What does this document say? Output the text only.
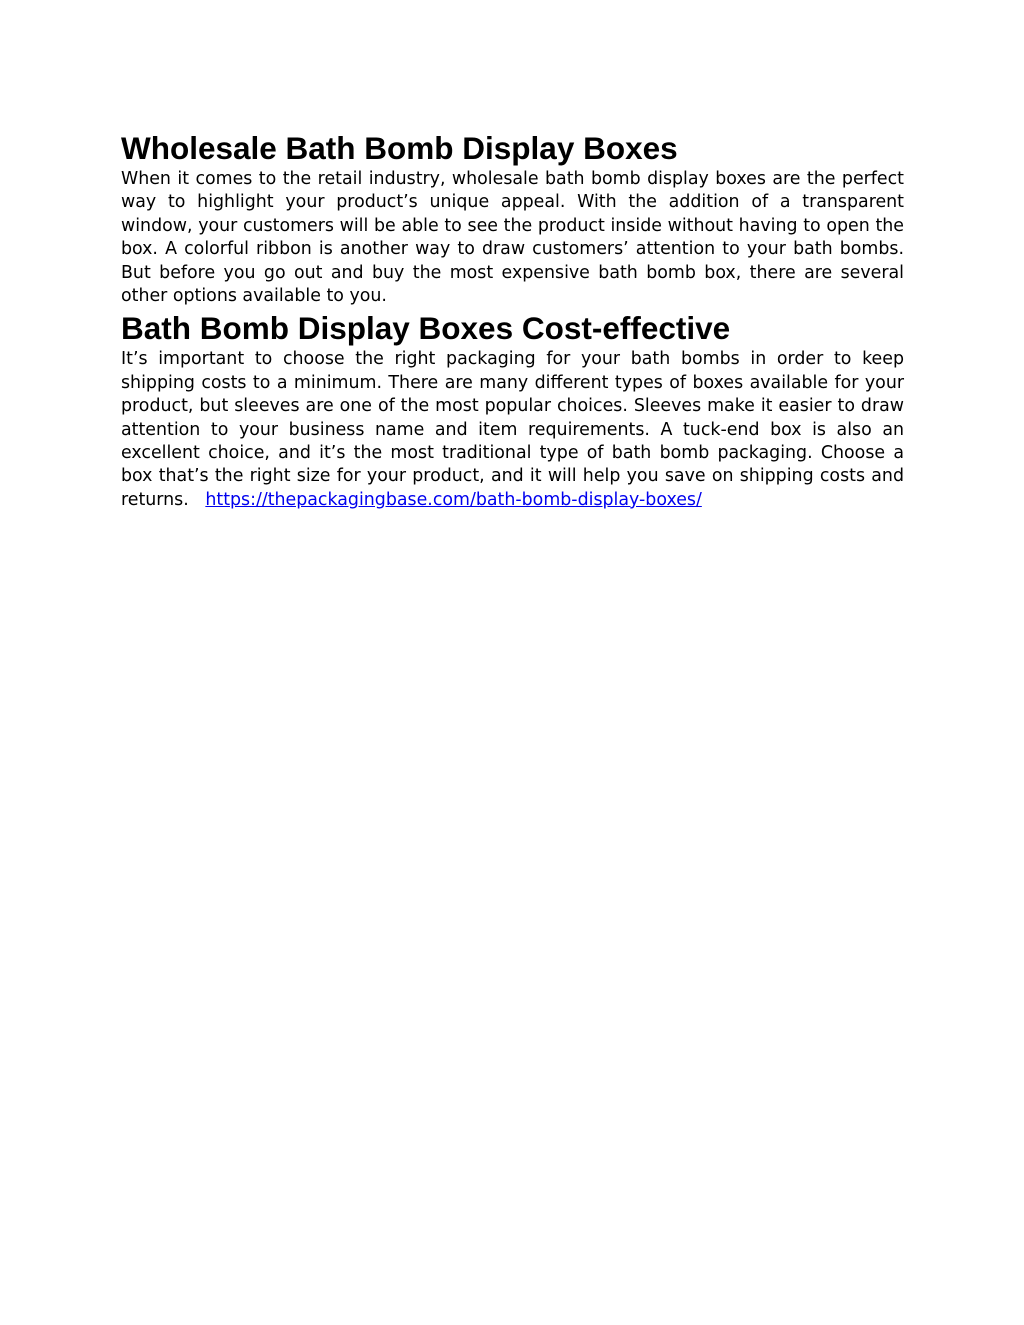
Wholesale Bath Bomb Display Boxes

When it comes to the retail industry, wholesale bath bomb display boxes are the perfect way to highlight your product’s unique appeal. With the addition of a transparent window, your customers will be able to see the product inside without having to open the box. A colorful ribbon is another way to draw customers’ attention to your bath bombs. But before you go out and buy the most expensive bath bomb box, there are several other options available to you.

Bath Bomb Display Boxes Cost-effective

It’s important to choose the right packaging for your bath bombs in order to keep shipping costs to a minimum. There are many different types of boxes available for your product, but sleeves are one of the most popular choices. Sleeves make it easier to draw attention to your business name and item requirements. A tuck-end box is also an excellent choice, and it’s the most traditional type of bath bomb packaging. Choose a box that’s the right size for your product, and it will help you save on shipping costs and returns. https://thepackagingbase.com/bath-bomb-display-boxes/
